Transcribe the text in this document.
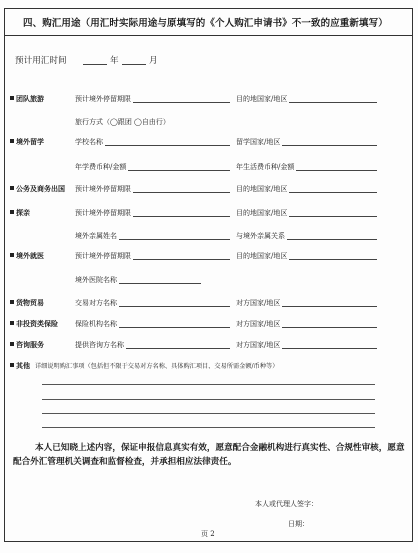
四、购汇用途（用汇时实际用途与原填写的《个人购汇申请书》不一致的应重新填写）
预计用汇时间	年	月
团队旅游	预计境外停留期限	目的地国家/地区
旅行方式（◯跟团 ◯自由行）
境外留学	学校名称	留学国家/地区
年学费币种/金额	年生活费币种/金额
公务及商务出国 预计境外停留期限	目的地国家/地区
探亲	预计境外停留期限	目的地国家/地区
境外亲属姓名	与境外亲属关系
境外就医	预计境外停留期限	目的地国家/地区
境外医院名称
货物贸易	交易对方名称	对方国家/地区
非投资类保险 保险机构名称	对方国家/地区
咨询服务	提供咨询方名称	对方国家/地区
其他 详细说明购汇事项（包括但不限于交易对方名称、具体购汇项目、交易所需金额/币种等）
本人已知晓上述内容，保证申报信息真实有效，愿意配合金融机构进行真实性、合规性审核，愿意配合外汇管理机关调查和监督检查，并承担相应法律责任。
本人或代理人签字：
日期：
页 2
